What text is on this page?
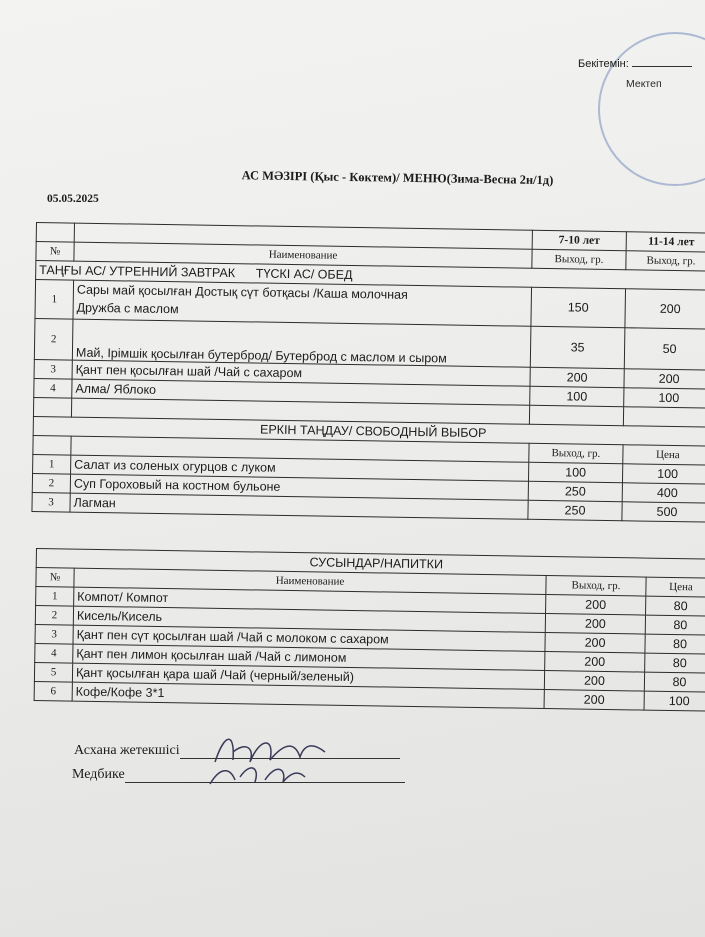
Бекітемін:
Мектеп
АС МӘЗІРІ (Қыс - Көктем)/ МЕНЮ(Зима-Весна 2н/1д)
05.05.2025
		7-10 лет	11-14 лет
№	Наименование	Выход, гр.	Выход, гр.
ТАҢҒЫ АС/ УТРЕННИЙ ЗАВТРАК      ТҮСКІ АС/ ОБЕД			
1	Сары май қосылған Достық сүт ботқасы /Каша молочная
Дружба с маслом	150	200
2	Май, Ірімшік қосылған бутерброд/ Бутерброд с маслом и сыром	35	50
3	Қант пен қосылған шай /Чай с сахаром	200	200
4	Алма/ Яблоко	100	100

ЕРКІН ТАҢДАУ/ СВОБОДНЫЙ ВЫБОР			
		Выход, гр.	Цена
1	Салат из соленых огурцов с луком	100	100
2	Суп Гороховый на костном бульоне	250	400
3	Лагман	250	500
СУСЫНДАР/НАПИТКИ			
№	Наименование	Выход, гр.	Цена
1	Компот/ Компот	200	80
2	Кисель/Кисель	200	80
3	Қант пен сүт қосылған шай /Чай с молоком с сахаром	200	80
4	Қант пен лимон қосылған шай /Чай с лимоном	200	80
5	Қант қосылған қара шай /Чай (черный/зеленый)	200	80
6	Кофе/Кофе 3*1	200	100
Асхана жетекшісі
Медбике
